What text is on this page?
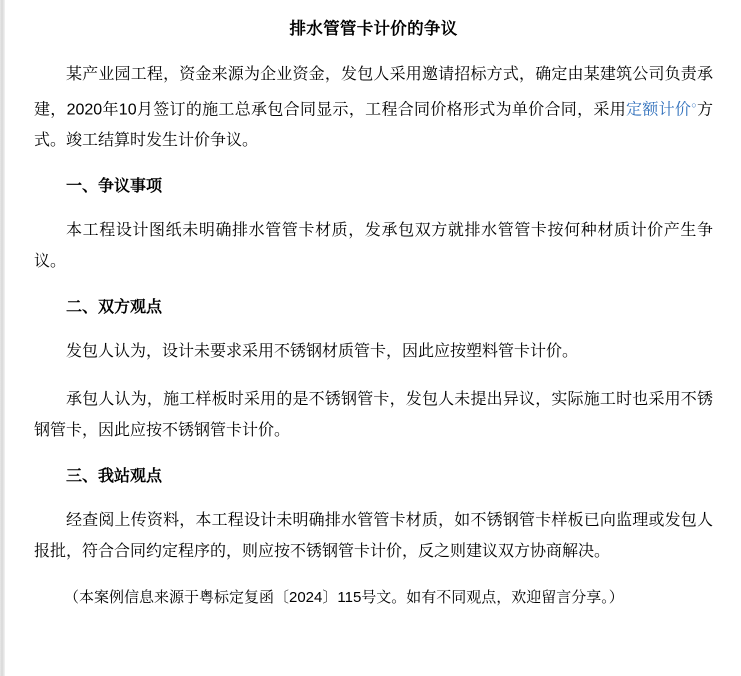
排水管管卡计价的争议

某产业园工程，资金来源为企业资金，发包人采用邀请招标方式，确定由某建筑公司负责承建，2020年10月签订的施工总承包合同显示，工程合同价格形式为单价合同，采用定额计价○方式。竣工结算时发生计价争议。

一、争议事项

本工程设计图纸未明确排水管管卡材质，发承包双方就排水管管卡按何种材质计价产生争议。

二、双方观点

发包人认为，设计未要求采用不锈钢材质管卡，因此应按塑料管卡计价。

承包人认为，施工样板时采用的是不锈钢管卡，发包人未提出异议，实际施工时也采用不锈钢管卡，因此应按不锈钢管卡计价。

三、我站观点

经查阅上传资料，本工程设计未明确排水管管卡材质，如不锈钢管卡样板已向监理或发包人报批，符合合同约定程序的，则应按不锈钢管卡计价，反之则建议双方协商解决。

（本案例信息来源于粤标定复函〔2024〕115号文。如有不同观点，欢迎留言分享。）
